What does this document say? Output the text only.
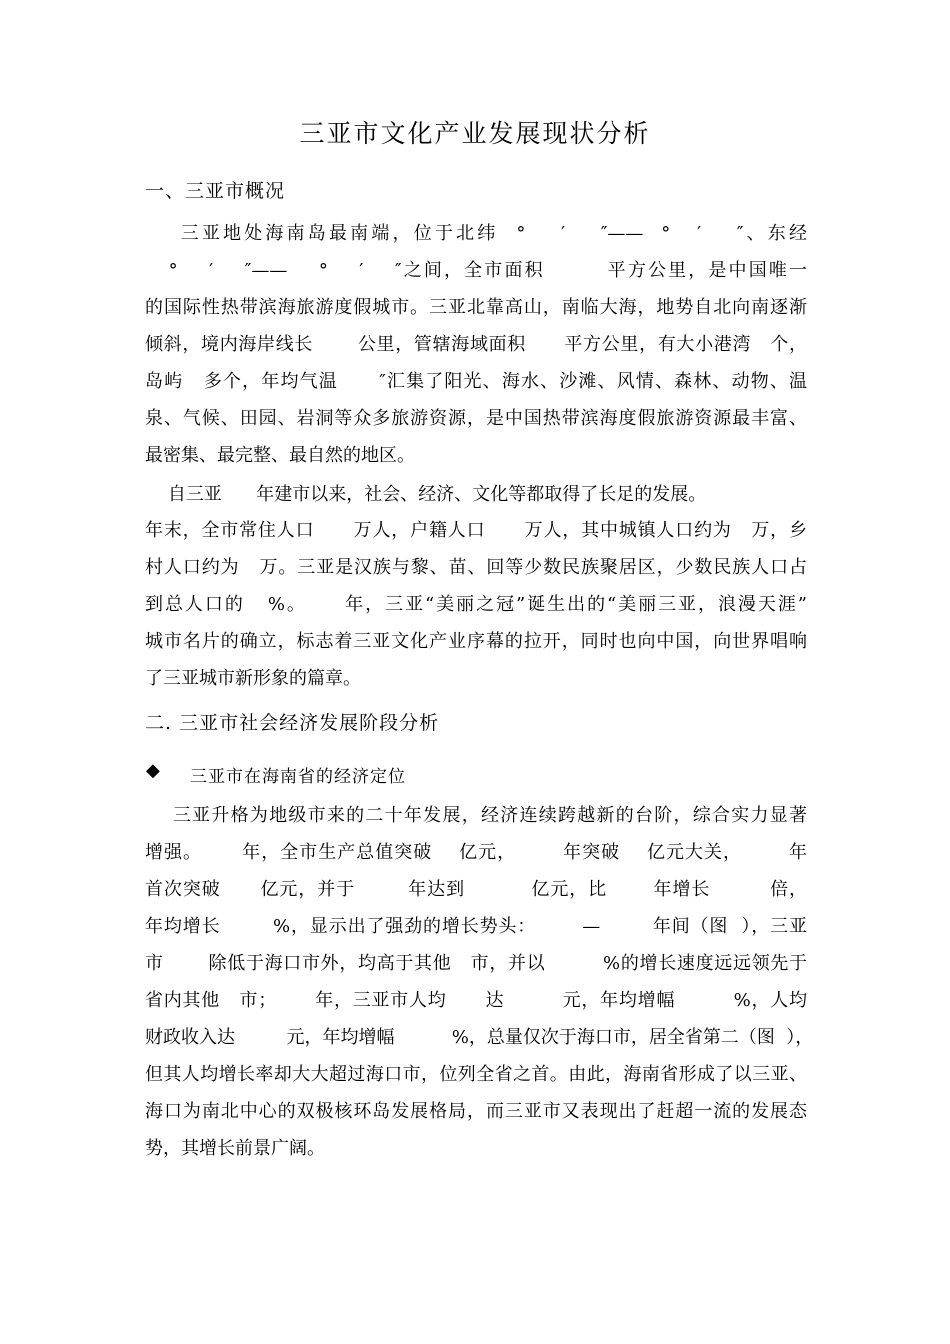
三亚市文化产业发展现状分析
一、三亚市概况
三亚地处海南岛最南端，位于北纬  °    ′    ″——  °   ′    ″、东经
°    ′    ″——    °    ′    ″之间，全市面积        平方公里，是中国唯一
的国际性热带滨海旅游度假城市。三亚北靠高山，南临大海，地势自北向南逐渐
倾斜，境内海岸线长       公里，管辖海域面积      平方公里，有大小港湾   个，
岛屿   多个，年均气温      ″汇集了阳光、海水、沙滩、风情、森林、动物、温
泉、气候、田园、岩洞等众多旅游资源，是中国热带滨海度假旅游资源最丰富、
最密集、最完整、最自然的地区。
自三亚      年建市以来，社会、经济、文化等都取得了长足的发展。
年末，全市常住人口      万人，户籍人口      万人，其中城镇人口约为   万，乡
村人口约为   万。三亚是汉族与黎、苗、回等少数民族聚居区，少数民族人口占
到总人口的   %。     年，三亚“美丽之冠”诞生出的“美丽三亚，浪漫天涯”
城市名片的确立，标志着三亚文化产业序幕的拉开，同时也向中国，向世界唱响
了三亚城市新形象的篇章。
二. 三亚市社会经济发展阶段分析
◆ 三亚市在海南省的经济定位
三亚升格为地级市来的二十年发展，经济连续跨越新的台阶，综合实力显著
增强。      年，全市生产总值突破    亿元，       年突破    亿元大关，       年
首次突破      亿元，并于        年达到          亿元，比       年增长         倍，
年均增长        %，显示出了强劲的增长势头：       —        年间（图  ），三亚
市       除低于海口市外，均高于其他   市，并以         %的增长速度远远领先于
省内其他   市；      年，三亚市人均      达         元，年均增幅         %，人均
财政收入达         元，年均增幅          %，总量仅次于海口市，居全省第二（图  ），
但其人均增长率却大大超过海口市，位列全省之首。由此，海南省形成了以三亚、
海口为南北中心的双极核环岛发展格局，而三亚市又表现出了赶超一流的发展态
势，其增长前景广阔。
